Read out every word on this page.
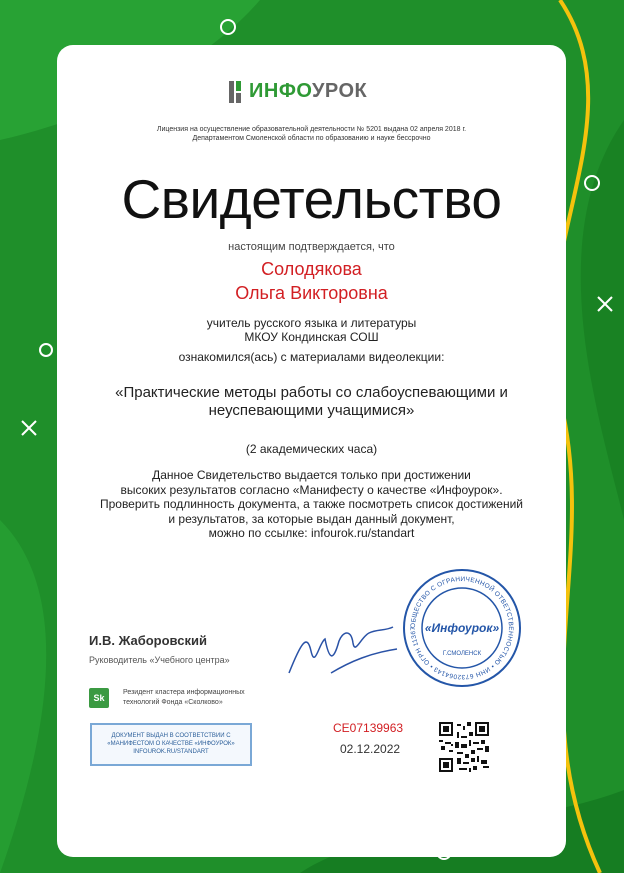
ИНФОУРОК
Лицензия на осуществление образовательной деятельности № 5201 выдана 02 апреля 2018 г.
Департаментом Смоленской области по образованию и науке бессрочно
Свидетельство
настоящим подтверждается, что
Солодякова
Ольга Викторовна
учитель русского языка и литературы
МКОУ Кондинская СОШ
ознакомился(ась) с материалами видеолекции:
«Практические методы работы со слабоуспевающими и
неуспевающими учащимися»
(2 академических часа)
Данное Свидетельство выдается только при достижении
высоких результатов согласно «Манифесту о качестве «Инфоурок».
Проверить подлинность документа, а также посмотреть список достижений
и результатов, за которые выдан данный документ,
можно по ссылке: infourok.ru/standart
И.В. Жаборовский
Руководитель «Учебного центра»
ОБЩЕСТВО С ОГРАНИЧЕННОЙ ОТВЕТСТВЕННОСТЬЮ • ИНН 6732064143 • ОГРН 11367 «Инфоурок»
Г.СМОЛЕНСК
Sk
Резидент кластера информационных
технологий Фонда «Сколково»
ДОКУМЕНТ ВЫДАН В СООТВЕТСТВИИ С
«МАНИФЕСТОМ О КАЧЕСТВЕ «ИНФОУРОК»
INFOUROK.RU/STANDART
CE07139963
02.12.2022
